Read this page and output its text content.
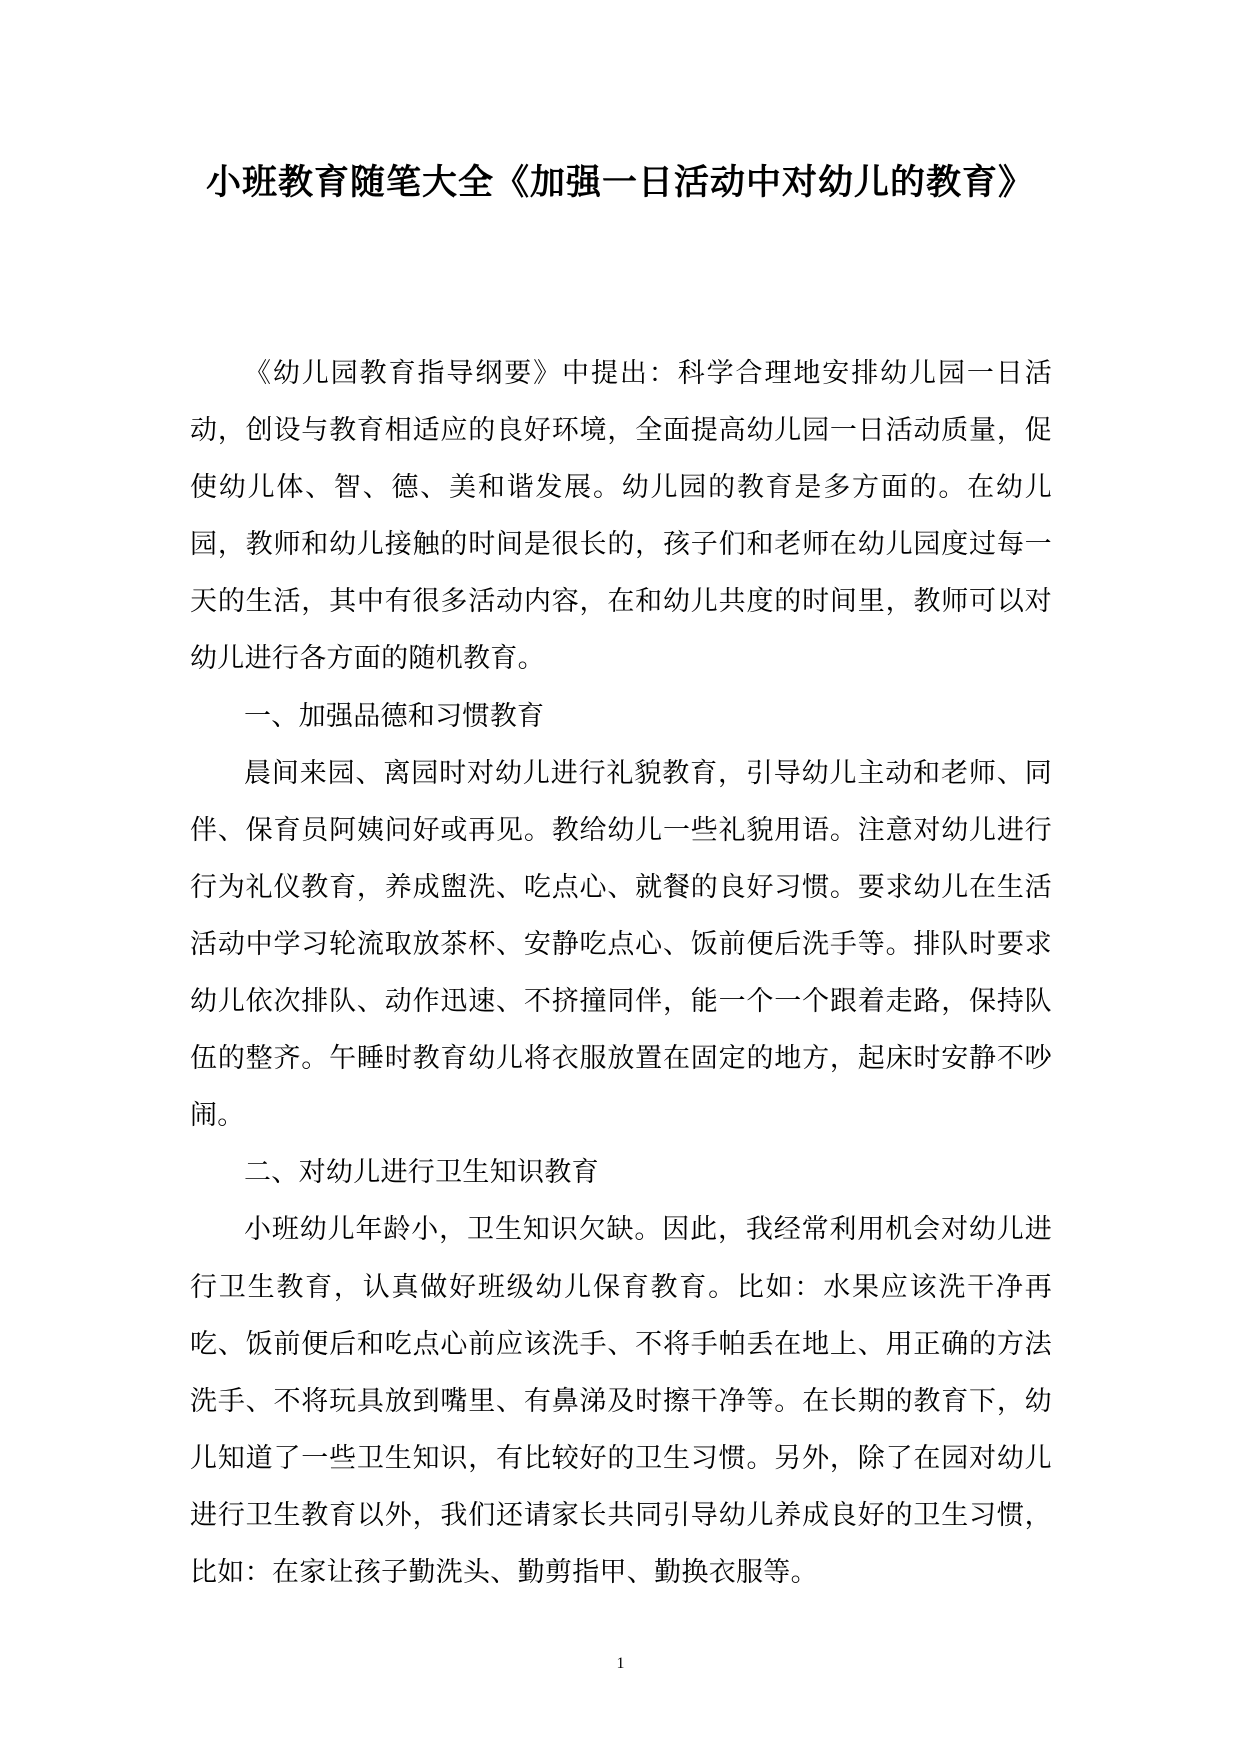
小班教育随笔大全《加强一日活动中对幼儿的教育》

《幼儿园教育指导纲要》中提出：科学合理地安排幼儿园一日活动，创设与教育相适应的良好环境，全面提高幼儿园一日活动质量，促使幼儿体、智、德、美和谐发展。幼儿园的教育是多方面的。在幼儿园，教师和幼儿接触的时间是很长的，孩子们和老师在幼儿园度过每一天的生活，其中有很多活动内容，在和幼儿共度的时间里，教师可以对幼儿进行各方面的随机教育。

一、加强品德和习惯教育

晨间来园、离园时对幼儿进行礼貌教育，引导幼儿主动和老师、同伴、保育员阿姨问好或再见。教给幼儿一些礼貌用语。注意对幼儿进行行为礼仪教育，养成盥洗、吃点心、就餐的良好习惯。要求幼儿在生活活动中学习轮流取放茶杯、安静吃点心、饭前便后洗手等。排队时要求幼儿依次排队、动作迅速、不挤撞同伴，能一个一个跟着走路，保持队伍的整齐。午睡时教育幼儿将衣服放置在固定的地方，起床时安静不吵闹。

二、对幼儿进行卫生知识教育

小班幼儿年龄小，卫生知识欠缺。因此，我经常利用机会对幼儿进行卫生教育，认真做好班级幼儿保育教育。比如：水果应该洗干净再吃、饭前便后和吃点心前应该洗手、不将手帕丢在地上、用正确的方法洗手、不将玩具放到嘴里、有鼻涕及时擦干净等。在长期的教育下，幼儿知道了一些卫生知识，有比较好的卫生习惯。另外，除了在园对幼儿进行卫生教育以外，我们还请家长共同引导幼儿养成良好的卫生习惯，比如：在家让孩子勤洗头、勤剪指甲、勤换衣服等。

1
